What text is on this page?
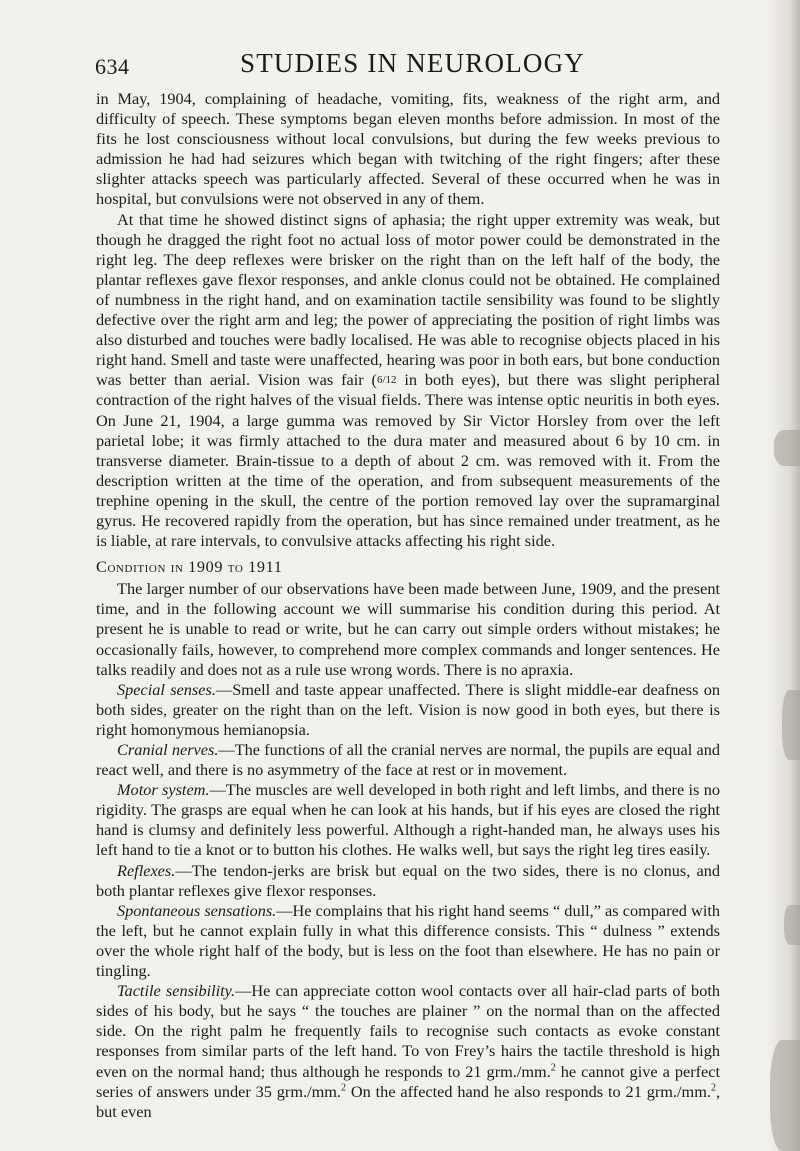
634	STUDIES IN NEUROLOGY

in May, 1904, complaining of headache, vomiting, fits, weakness of the right arm, and difficulty of speech. These symptoms began eleven months before admission. In most of the fits he lost consciousness without local convulsions, but during the few weeks previous to admission he had had seizures which began with twitching of the right fingers; after these slighter attacks speech was particularly affected. Several of these occurred when he was in hospital, but convulsions were not observed in any of them.

At that time he showed distinct signs of aphasia; the right upper extremity was weak, but though he dragged the right foot no actual loss of motor power could be demonstrated in the right leg. The deep reflexes were brisker on the right than on the left half of the body, the plantar reflexes gave flexor responses, and ankle clonus could not be obtained. He complained of numbness in the right hand, and on examination tactile sensibility was found to be slightly defective over the right arm and leg; the power of appreciating the position of right limbs was also disturbed and touches were badly localised. He was able to recognise objects placed in his right hand. Smell and taste were unaffected, hearing was poor in both ears, but bone conduction was better than aerial. Vision was fair (6/12 in both eyes), but there was slight peripheral contraction of the right halves of the visual fields. There was intense optic neuritis in both eyes. On June 21, 1904, a large gumma was removed by Sir Victor Horsley from over the left parietal lobe; it was firmly attached to the dura mater and measured about 6 by 10 cm. in transverse diameter. Brain-tissue to a depth of about 2 cm. was removed with it. From the description written at the time of the operation, and from subsequent measurements of the trephine opening in the skull, the centre of the portion removed lay over the supramarginal gyrus. He recovered rapidly from the operation, but has since remained under treatment, as he is liable, at rare intervals, to convulsive attacks affecting his right side.

Condition in 1909 to 1911

The larger number of our observations have been made between June, 1909, and the present time, and in the following account we will summarise his condition during this period. At present he is unable to read or write, but he can carry out simple orders without mistakes; he occasionally fails, however, to comprehend more complex commands and longer sentences. He talks readily and does not as a rule use wrong words. There is no apraxia.

Special senses.—Smell and taste appear unaffected. There is slight middle-ear deafness on both sides, greater on the right than on the left. Vision is now good in both eyes, but there is right homonymous hemianopsia.

Cranial nerves.—The functions of all the cranial nerves are normal, the pupils are equal and react well, and there is no asymmetry of the face at rest or in movement.

Motor system.—The muscles are well developed in both right and left limbs, and there is no rigidity. The grasps are equal when he can look at his hands, but if his eyes are closed the right hand is clumsy and definitely less powerful. Although a right-handed man, he always uses his left hand to tie a knot or to button his clothes. He walks well, but says the right leg tires easily.

Reflexes.—The tendon-jerks are brisk but equal on the two sides, there is no clonus, and both plantar reflexes give flexor responses.

Spontaneous sensations.—He complains that his right hand seems “ dull,” as compared with the left, but he cannot explain fully in what this difference consists. This “ dulness ” extends over the whole right half of the body, but is less on the foot than elsewhere. He has no pain or tingling.

Tactile sensibility.—He can appreciate cotton wool contacts over all hair-clad parts of both sides of his body, but he says “ the touches are plainer ” on the normal than on the affected side. On the right palm he frequently fails to recognise such contacts as evoke constant responses from similar parts of the left hand. To von Frey’s hairs the tactile threshold is high even on the normal hand; thus although he responds to 21 grm./mm.$^2$ he cannot give a perfect series of answers under 35 grm./mm.$^2$ On the affected hand he also responds to 21 grm./mm.$^2$, but even
